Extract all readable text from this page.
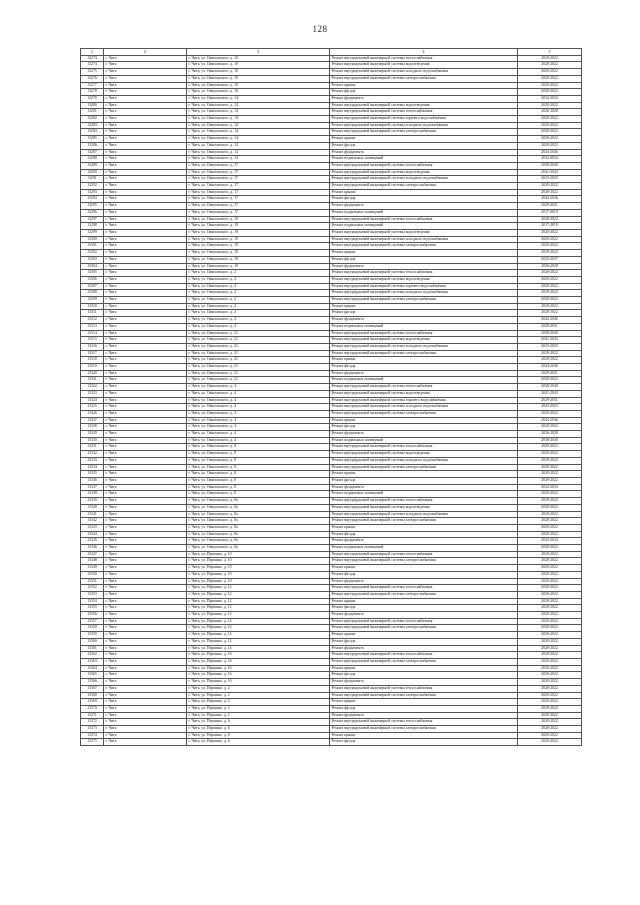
128
1	2	3	4	5
13273	г. Чита	г. Чита, ул. Ожиловского, д. 10	Ремонт внутридомовой инженерной системы теплоснабжения	2020-2022
13274	г. Чита	г. Чита, ул. Ожиловского, д. 10	Ремонт внутридомовой инженерной системы водоотведения	2020-2022
13275	г. Чита	г. Чита, ул. Ожиловского, д. 10	Ремонт внутридомовой инженерной системы холодного водоснабжения	2020-2022
13276	г. Чита	г. Чита, ул. Ожиловского, д. 10	Ремонт внутридомовой инженерной системы электроснабжения	2020-2022
13277	г. Чита	г. Чита, ул. Ожиловского, д. 10	Ремонт крыши	2020-2022
13278	г. Чита	г. Чита, ул. Ожиловского, д. 10	Ремонт фасада	2020-2022
13279	г. Чита	г. Чита, ул. Ожиловского, д. 14	Ремонт фундамента	2032-2034
13280	г. Чита	г. Чита, ул. Ожиловского, д. 14	Ремонт внутридомовой инженерной системы водоотведения	2020-2022
13281	г. Чита	г. Чита, ул. Ожиловского, д. 14	Ремонт внутридомовой инженерной системы теплоснабжения	2026-2028
13282	г. Чита	г. Чита, ул. Ожиловского, д. 14	Ремонт внутридомовой инженерной системы горячего водоснабжения	2020-2022
13283	г. Чита	г. Чита, ул. Ожиловского, д. 14	Ремонт внутридомовой инженерной системы холодного водоснабжения	2020-2022
13284	г. Чита	г. Чита, ул. Ожиловского, д. 14	Ремонт внутридомовой инженерной системы электроснабжения	2020-2022
13285	г. Чита	г. Чита, ул. Ожиловского, д. 14	Ремонт крыши	2020-2022
13286	г. Чита	г. Чита, ул. Ожиловского, д. 14	Ремонт фасада	2020-2022
13287	г. Чита	г. Чита, ул. Ожиловского, д. 14	Ремонт фундамента	2044-2046
13288	г. Чита	г. Чита, ул. Ожиловского, д. 14	Ремонт подвальных помещений	2032-2034
13289	г. Чита	г. Чита, ул. Ожиловского, д. 17	Ремонт внутридомовой инженерной системы теплоснабжения	2038-2040
13290	г. Чита	г. Чита, ул. Ожиловского, д. 17	Ремонт внутридомовой инженерной системы водоотведения	2041-2043
13291	г. Чита	г. Чита, ул. Ожиловского, д. 17	Ремонт внутридомовой инженерной системы холодного водоснабжения	2023-2025
13292	г. Чита	г. Чита, ул. Ожиловского, д. 17	Ремонт внутридомовой инженерной системы электроснабжения	2020-2022
13293	г. Чита	г. Чита, ул. Ожиловского, д. 17	Ремонт крыши	2020-2022
13294	г. Чита	г. Чита, ул. Ожиловского, д. 17	Ремонт фасада	2044-2046
13295	г. Чита	г. Чита, ул. Ожиловского, д. 17	Ремонт фундамента	2029-2031
13296	г. Чита	г. Чита, ул. Ожиловского, д. 17	Ремонт подвальных помещений	2017-2019
13297	г. Чита	г. Чита, ул. Ожиловского, д. 19	Ремонт внутридомовой инженерной системы теплоснабжения	2020-2022
13298	г. Чита	г. Чита, ул. Ожиловского, д. 19	Ремонт подвальных помещений	2017-2019
13299	г. Чита	г. Чита, ул. Ожиловского, д. 19	Ремонт внутридомовой инженерной системы водоотведения	2020-2022
13300	г. Чита	г. Чита, ул. Ожиловского, д. 19	Ремонт внутридомовой инженерной системы холодного водоснабжения	2020-2022
13301	г. Чита	г. Чита, ул. Ожиловского, д. 19	Ремонт внутридомовой инженерной системы электроснабжения	2020-2022
13302	г. Чита	г. Чита, ул. Ожиловского, д. 19	Ремонт крыши	2020-2022
13303	г. Чита	г. Чита, ул. Ожиловского, д. 19	Ремонт фасада	2035-2037
13304	г. Чита	г. Чита, ул. Ожиловского, д. 19	Ремонт фундамента	2026-2028
13305	г. Чита	г. Чита, ул. Ожиловского, д. 2	Ремонт внутридомовой инженерной системы теплоснабжения	2020-2022
13306	г. Чита	г. Чита, ул. Ожиловского, д. 2	Ремонт внутридомовой инженерной системы водоотведения	2020-2022
13307	г. Чита	г. Чита, ул. Ожиловского, д. 2	Ремонт внутридомовой инженерной системы горячего водоснабжения	2020-2022
13308	г. Чита	г. Чита, ул. Ожиловского, д. 2	Ремонт внутридомовой инженерной системы холодного водоснабжения	2020-2022
13309	г. Чита	г. Чита, ул. Ожиловского, д. 2	Ремонт внутридомовой инженерной системы электроснабжения	2020-2022
13310	г. Чита	г. Чита, ул. Ожиловского, д. 2	Ремонт крыши	2020-2022
13311	г. Чита	г. Чита, ул. Ожиловского, д. 2	Ремонт фасада	2020-2022
13312	г. Чита	г. Чита, ул. Ожиловского, д. 2	Ремонт фундамента	2044-2046
13313	г. Чита	г. Чита, ул. Ожиловского, д. 2	Ремонт подвальных помещений	2029-2031
13314	г. Чита	г. Чита, ул. Ожиловского, д. 21	Ремонт внутридомовой инженерной системы теплоснабжения	2038-2040
13315	г. Чита	г. Чита, ул. Ожиловского, д. 21	Ремонт внутридомовой инженерной системы водоотведения	2041-2043
13316	г. Чита	г. Чита, ул. Ожиловского, д. 21	Ремонт внутридомовой инженерной системы холодного водоснабжения	2023-2025
13317	г. Чита	г. Чита, ул. Ожиловского, д. 21	Ремонт внутридомовой инженерной системы электроснабжения	2020-2022
13318	г. Чита	г. Чита, ул. Ожиловского, д. 21	Ремонт крыши	2020-2022
13319	г. Чита	г. Чита, ул. Ожиловского, д. 21	Ремонт фасада	2044-2046
13320	г. Чита	г. Чита, ул. Ожиловского, д. 21	Ремонт фундамента	2029-2031
13321	г. Чита	г. Чита, ул. Ожиловского, д. 21	Ремонт подвальных помещений	2020-2022
13322	г. Чита	г. Чита, ул. Ожиловского, д. 4	Ремонт внутридомовой инженерной системы теплоснабжения	2038-2040
13323	г. Чита	г. Чита, ул. Ожиловского, д. 4	Ремонт внутридомовой инженерной системы водоотведения	2041-2043
13324	г. Чита	г. Чита, ул. Ожиловского, д. 4	Ремонт внутридомовой инженерной системы горячего водоснабжения	2029-2031
13325	г. Чита	г. Чита, ул. Ожиловского, д. 4	Ремонт внутридомовой инженерной системы холодного водоснабжения	2023-2025
13326	г. Чита	г. Чита, ул. Ожиловского, д. 4	Ремонт внутридомовой инженерной системы электроснабжения	2020-2022
13327	г. Чита	г. Чита, ул. Ожиловского, д. 4	Ремонт крыши	2044-2046
13328	г. Чита	г. Чита, ул. Ожиловского, д. 4	Ремонт фасада	2020-2022
13329	г. Чита	г. Чита, ул. Ожиловского, д. 4	Ремонт фундамента	2026-2028
13330	г. Чита	г. Чита, ул. Ожиловского, д. 4	Ремонт подвальных помещений	2038-2040
13331	г. Чита	г. Чита, ул. Ожиловского, д. 8	Ремонт внутридомовой инженерной системы теплоснабжения	2020-2022
13332	г. Чита	г. Чита, ул. Ожиловского, д. 8	Ремонт внутридомовой инженерной системы водоотведения	2020-2022
13333	г. Чита	г. Чита, ул. Ожиловского, д. 8	Ремонт внутридомовой инженерной системы холодного водоснабжения	2020-2022
13334	г. Чита	г. Чита, ул. Ожиловского, д. 8	Ремонт внутридомовой инженерной системы электроснабжения	2020-2022
13335	г. Чита	г. Чита, ул. Ожиловского, д. 8	Ремонт крыши	2020-2022
13336	г. Чита	г. Чита, ул. Ожиловского, д. 8	Ремонт фасада	2020-2022
13337	г. Чита	г. Чита, ул. Ожиловского, д. 8	Ремонт фундамента	2032-2034
13338	г. Чита	г. Чита, ул. Ожиловского, д. 8	Ремонт подвальных помещений	2020-2022
13339	г. Чита	г. Чита, ул. Ожиловского, д. 8а	Ремонт внутридомовой инженерной системы теплоснабжения	2020-2022
13340	г. Чита	г. Чита, ул. Ожиловского, д. 8а	Ремонт внутридомовой инженерной системы водоотведения	2020-2022
13341	г. Чита	г. Чита, ул. Ожиловского, д. 8а	Ремонт внутридомовой инженерной системы холодного водоснабжения	2020-2022
13342	г. Чита	г. Чита, ул. Ожиловского, д. 8а	Ремонт внутридомовой инженерной системы электроснабжения	2020-2022
13343	г. Чита	г. Чита, ул. Ожиловского, д. 8а	Ремонт крыши	2020-2022
13344	г. Чита	г. Чита, ул. Ожиловского, д. 8а	Ремонт фасада	2020-2022
13345	г. Чита	г. Чита, ул. Ожиловского, д. 8а	Ремонт фундамента	2032-2034
13346	г. Чита	г. Чита, ул. Ожиловского, д. 8а	Ремонт подвальных помещений	2020-2022
13347	г. Чита	г. Чита, ул. Першино, д. 10	Ремонт внутридомовой инженерной системы теплоснабжения	2020-2022
13348	г. Чита	г. Чита, ул. Першино, д. 10	Ремонт внутридомовой инженерной системы электроснабжения	2020-2022
13349	г. Чита	г. Чита, ул. Першино, д. 10	Ремонт крыши	2020-2022
13350	г. Чита	г. Чита, ул. Першино, д. 10	Ремонт фасада	2020-2022
13351	г. Чита	г. Чита, ул. Першино, д. 10	Ремонт фундамента	2020-2022
13352	г. Чита	г. Чита, ул. Першино, д. 12	Ремонт внутридомовой инженерной системы теплоснабжения	2020-2022
13353	г. Чита	г. Чита, ул. Першино, д. 12	Ремонт внутридомовой инженерной системы электроснабжения	2020-2022
13354	г. Чита	г. Чита, ул. Першино, д. 12	Ремонт крыши	2020-2022
13355	г. Чита	г. Чита, ул. Першино, д. 12	Ремонт фасада	2020-2022
13356	г. Чита	г. Чита, ул. Першино, д. 12	Ремонт фундамента	2020-2022
13357	г. Чита	г. Чита, ул. Першино, д. 14	Ремонт внутридомовой инженерной системы теплоснабжения	2020-2022
13358	г. Чита	г. Чита, ул. Першино, д. 14	Ремонт внутридомовой инженерной системы электроснабжения	2020-2022
13359	г. Чита	г. Чита, ул. Першино, д. 14	Ремонт крыши	2020-2022
13360	г. Чита	г. Чита, ул. Першино, д. 14	Ремонт фасада	2020-2022
13361	г. Чита	г. Чита, ул. Першино, д. 14	Ремонт фундамента	2020-2022
13362	г. Чита	г. Чита, ул. Першино, д. 16	Ремонт внутридомовой инженерной системы теплоснабжения	2020-2022
13363	г. Чита	г. Чита, ул. Першино, д. 16	Ремонт внутридомовой инженерной системы электроснабжения	2020-2022
13364	г. Чита	г. Чита, ул. Першино, д. 16	Ремонт крыши	2020-2022
13365	г. Чита	г. Чита, ул. Першино, д. 16	Ремонт фасада	2020-2022
13366	г. Чита	г. Чита, ул. Першино, д. 16	Ремонт фундамента	2020-2022
13367	г. Чита	г. Чита, ул. Першино, д. 2	Ремонт внутридомовой инженерной системы теплоснабжения	2020-2022
13368	г. Чита	г. Чита, ул. Першино, д. 2	Ремонт внутридомовой инженерной системы электроснабжения	2020-2022
13369	г. Чита	г. Чита, ул. Першино, д. 2	Ремонт крыши	2020-2022
13370	г. Чита	г. Чита, ул. Першино, д. 2	Ремонт фасада	2020-2022
13371	г. Чита	г. Чита, ул. Першино, д. 2	Ремонт фундамента	2020-2022
13372	г. Чита	г. Чита, ул. Першино, д. 6	Ремонт внутридомовой инженерной системы теплоснабжения	2020-2022
13373	г. Чита	г. Чита, ул. Першино, д. 6	Ремонт внутридомовой инженерной системы электроснабжения	2020-2022
13374	г. Чита	г. Чита, ул. Першино, д. 6	Ремонт крыши	2020-2022
13375	г. Чита	г. Чита, ул. Першино, д. 6	Ремонт фасада	2020-2022
